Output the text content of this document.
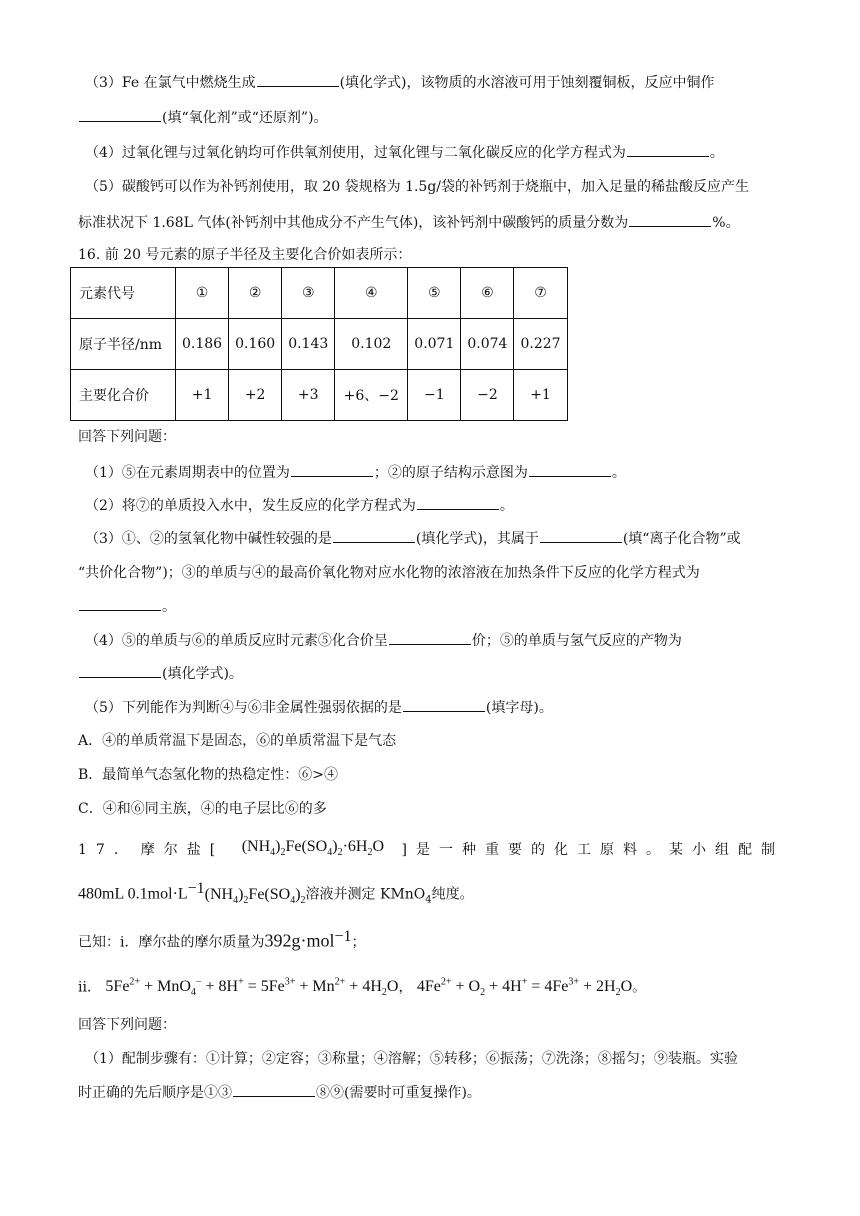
（3）Fe 在氯气中燃烧生成	(填化学式)，该物质的水溶液可用于蚀刻覆铜板，反应中铜作
(填“氧化剂”或“还原剂”)。
（4）过氧化锂与过氧化钠均可作供氧剂使用，过氧化锂与二氧化碳反应的化学方程式为	。
（5）碳酸钙可以作为补钙剂使用，取 20 袋规格为 1.5g/袋的补钙剂于烧瓶中，加入足量的稀盐酸反应产生
标准状况下 1.68L 气体(补钙剂中其他成分不产生气体)，该补钙剂中碳酸钙的质量分数为	%。
16. 前 20 号元素的原子半径及主要化合价如表所示：
元素代号	①	②	③	④	⑤	⑥	⑦
原子半径/nm	0.186	0.160	0.143	0.102	0.071	0.074	0.227
主要化合价	+1	+2	+3	+6、−2	−1	−2	+1
回答下列问题：
（1）⑤在元素周期表中的位置为	；②的原子结构示意图为	。
（2）将⑦的单质投入水中，发生反应的化学方程式为	。
（3）①、②的氢氧化物中碱性较强的是	(填化学式)，其属于	(填“离子化合物”或
“共价化合物”)；③的单质与④的最高价氧化物对应水化物的浓溶液在加热条件下反应的化学方程式为
。
（4）⑤的单质与⑥的单质反应时元素⑤化合价呈	价；⑤的单质与氢气反应的产物为
(填化学式)。
（5）下列能作为判断④与⑥非金属性强弱依据的是	(填字母)。
A．④的单质常温下是固态，⑥的单质常温下是气态
B．最简单气态氢化物的热稳定性：⑥>④
C．④和⑥同主族，④的电子层比⑥的多
17. 摩尔盐[ $(NH_4)_2Fe(SO_4)_2\cdot 6H_2O$ ]是一种重要的化工原料。某小组配制
480mL $0.1mol\cdot L^{-1}(NH_4)_2Fe(SO_4)_2$溶液并测定 KMnO$_4$纯度。
已知：i．摩尔盐的摩尔质量为392g·mol$^{-1}$；
ii． $5Fe^{2+} + MnO_4^- + 8H^+ = 5Fe^{3+} + Mn^{2+} + 4H_2O$， $4Fe^{2+} + O_2 + 4H^+ = 4Fe^{3+} + 2H_2O$。
回答下列问题：
（1）配制步骤有：①计算；②定容；③称量；④溶解；⑤转移；⑥振荡；⑦洗涤；⑧摇匀；⑨装瓶。实验
时正确的先后顺序是①③	⑧⑨(需要时可重复操作)。
